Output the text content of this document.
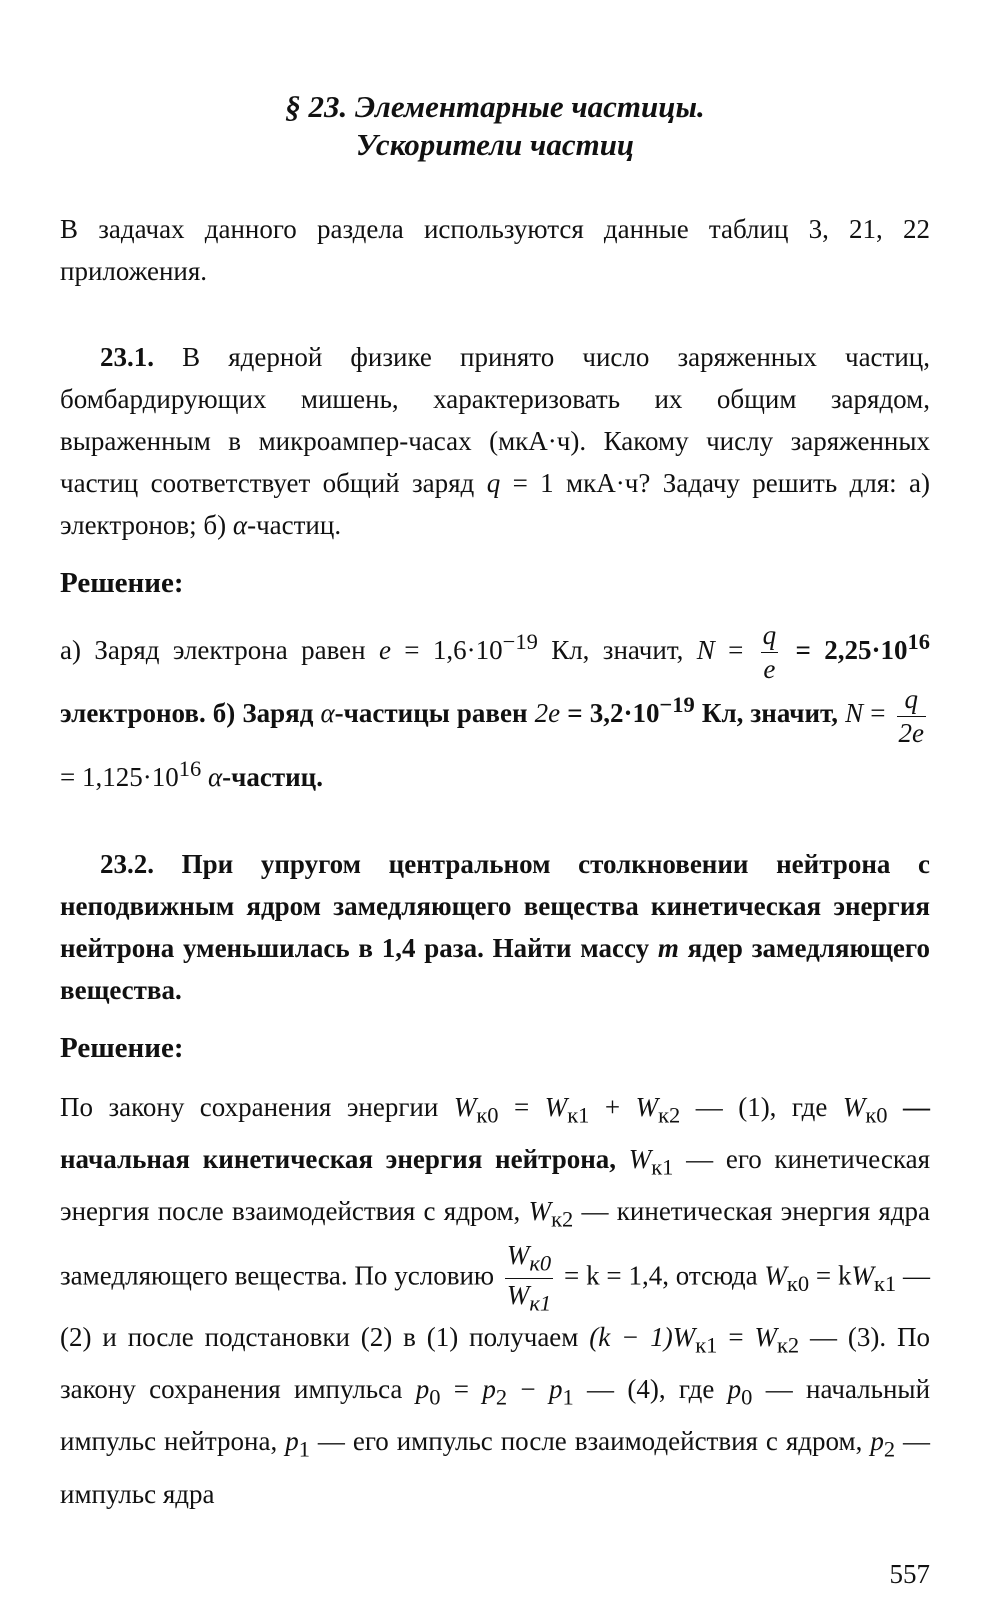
§ 23. Элементарные частицы.
Ускорители частиц

В задачах данного раздела используются данные таблиц 3, 21, 22 приложения.

23.1. В ядерной физике принято число заряженных частиц, бомбардирующих мишень, характеризовать их общим зарядом, выраженным в микроампер-часах (мкА·ч). Какому числу заряженных частиц соответствует общий заряд q = 1 мкА·ч? Задачу решить для: а) электронов; б) α-частиц.

Решение:

а) Заряд электрона равен $e = 1,6\cdot 10^{-19}$ Кл, значит, $N = \frac{q}{e} = 2,25\cdot 10^{16}$ электронов. б) Заряд α-частицы равен $2e = 3,2\cdot 10^{-19}$ Кл, значит, $N = \frac{q}{2e}$
= $1,125\cdot 10^{16}$ α-частиц.

23.2. При упругом центральном столкновении нейтрона с неподвижным ядром замедляющего вещества кинетическая энергия нейтрона уменьшилась в 1,4 раза. Найти массу m ядер замедляющего вещества.

Решение:

По закону сохранения энергии $W_{к0} = W_{к1} + W_{к2}$ — (1), где $W_{к0}$ — начальная кинетическая энергия нейтрона, $W_{к1}$ — его кинетическая энергия после взаимодействия с ядром, $W_{к2}$ — кинетическая энергия ядра замедляющего вещества. По условию $\frac{W_{к0}}{W_{к1}} = k = 1,4$, отсюда $W_{к0} = kW_{к1}$ — (2) и после подстановки (2) в (1) получаем $(k - 1)W_{к1} = W_{к2}$ — (3). По закону сохранения импульса $p_0 = p_2 - p_1$ — (4), где $p_0$ — начальный импульс нейтрона, $p_1$ — его импульс после взаимодействия с ядром, $p_2$ — импульс ядра

557
